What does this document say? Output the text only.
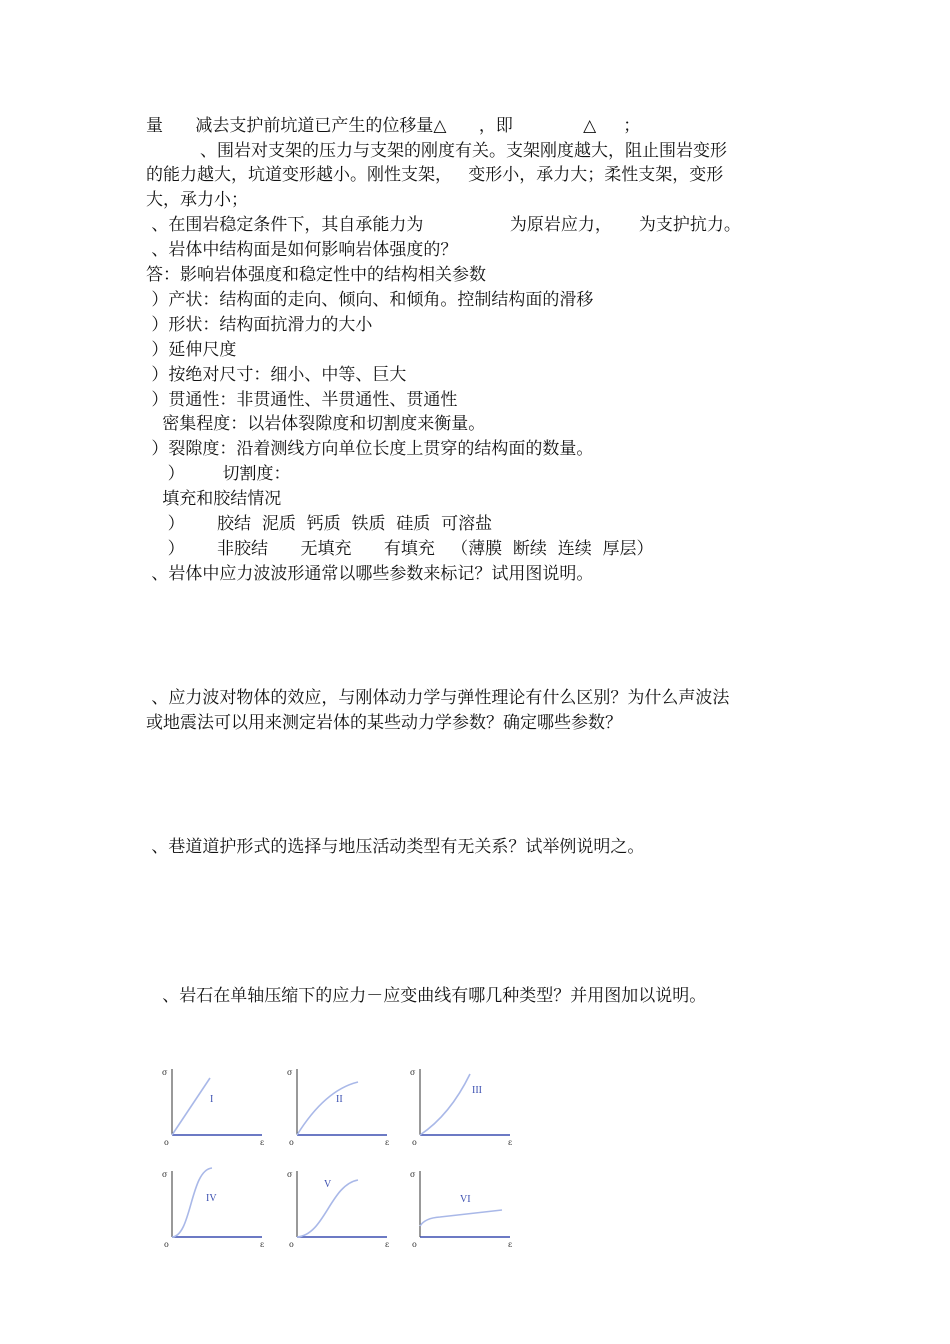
量      减去支护前坑道已产生的位移量△      ，即             △     ；
、围岩对支架的压力与支架的刚度有关。支架刚度越大，阻止围岩变形
的能力越大，坑道变形越小。刚性支架，   变形小，承力大；柔性支架，变形
大，承力小；
、在围岩稳定条件下，其自承能力为                为原岩应力，     为支护抗力。
、岩体中结构面是如何影响岩体强度的？
答：影响岩体强度和稳定性中的结构相关参数
）产状：结构面的走向、倾向、和倾角。控制结构面的滑移
）形状：结构面抗滑力的大小
）延伸尺度
）按绝对尺寸：细小、中等、巨大
）贯通性：非贯通性、半贯通性、贯通性
密集程度：以岩体裂隙度和切割度来衡量。
）裂隙度：沿着测线方向单位长度上贯穿的结构面的数量。
）       切割度：
填充和胶结情况
）      胶结  泥质  钙质  铁质  硅质  可溶盐
）      非胶结      无填充      有填充   （薄膜  断续  连续  厚层）
、岩体中应力波波形通常以哪些参数来标记？试用图说明。
、应力波对物体的效应，与刚体动力学与弹性理论有什么区别？为什么声波法
或地震法可以用来测定岩体的某些动力学参数？确定哪些参数？
、巷道道护形式的选择与地压活动类型有无关系？试举例说明之。
、岩石在单轴压缩下的应力－应变曲线有哪几种类型？并用图加以说明。
σ
ε
o
I
σ
ε
o
II
σ
ε
o
III
σ
ε
o
IV
σ
ε
o
V
σ
ε
o
VI
